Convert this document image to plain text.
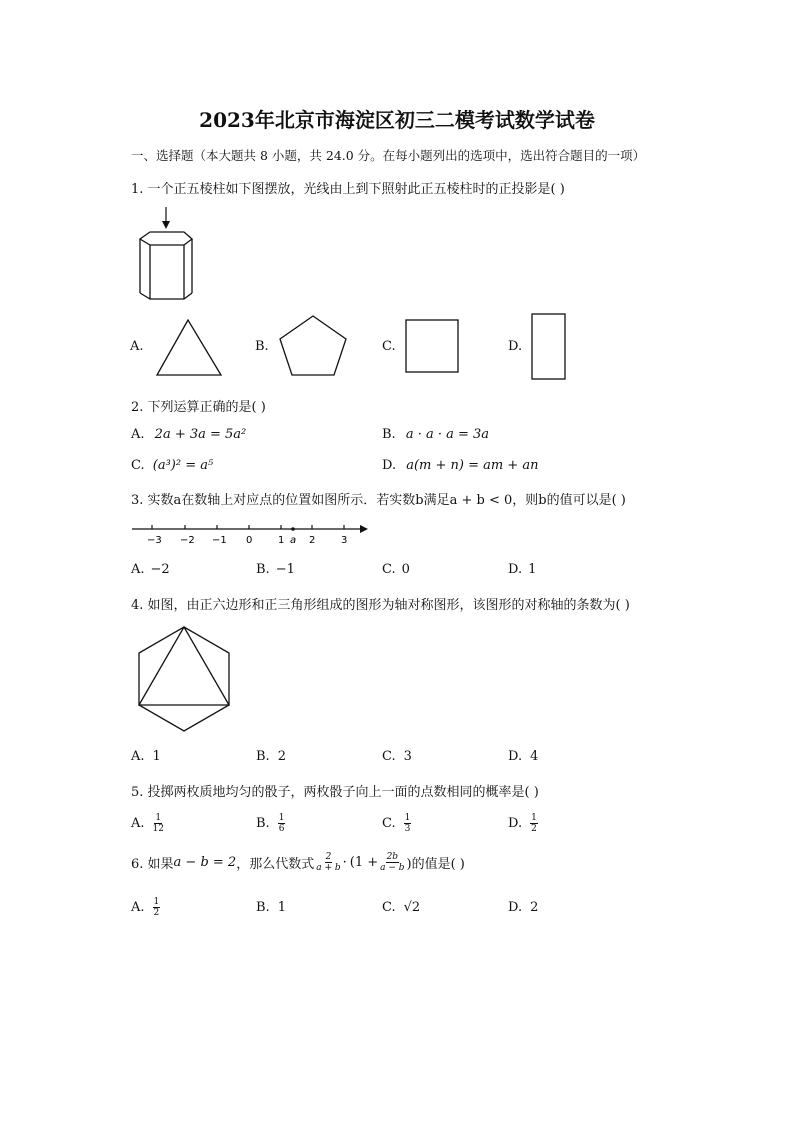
2023年北京市海淀区初三二模考试数学试卷
一、选择题（本大题共 8 小题，共 24.0 分。在每小题列出的选项中，选出符合题目的一项）
1. 一个正五棱柱如下图摆放，光线由上到下照射此正五棱柱时的正投影是( )
A.	B.	C.	D.
2. 下列运算正确的是( )
A. 2a + 3a = 5a²	B. a · a · a = 3a
C. (a³)² = a⁵	D. a(m + n) = am + an
3. 实数a在数轴上对应点的位置如图所示．若实数b满足a + b < 0，则b的值可以是( )
−3 −2 −1 0	1 a 2	3
A. −2	B. −1	C. 0	D. 1
4. 如图，由正六边形和正三角形组成的图形为轴对称图形，该图形的对称轴的条数为( )
A. 1	B. 2	C. 3	D. 4
5. 投掷两枚质地均匀的骰子，两枚骰子向上一面的点数相同的概率是( )
A. $\frac{1}{12}$	B. $\frac{1}{6}$	C. $\frac{1}{3}$	D. $\frac{1}{2}$
6. 如果 a − b = 2 ，那么代数式 $\frac{2}{a + b} \cdot (1 + \frac{2b}{a - b}$ )的值是( )
A. $\frac{1}{2}$	B. 1	C. √2	D. 2
